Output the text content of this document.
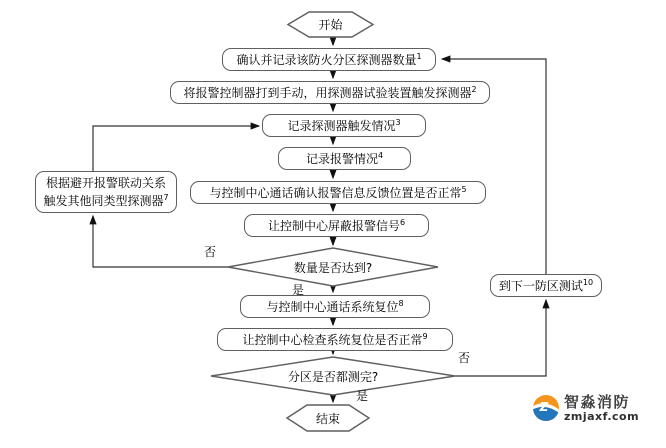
开始
结束
确认并记录该防火分区探测器数量$^1$
将报警控制器打到手动，用探测器试验装置触发探测器$^2$
记录探测器触发情况$^3$
记录报警情况$^4$
与控制中心通话确认报警信息反馈位置是否正常$^5$
让控制中心屏蔽报警信号$^6$
与控制中心通话系统复位$^8$
让控制中心检查系统复位是否正常$^9$
根据避开报警联动关系触发其他同类型探测器$^7$
到下一防区测试$^{10}$
数量是否达到?
分区是否都测完?
否
是
否
是
Z 智淼消防
zmjaxf.com
